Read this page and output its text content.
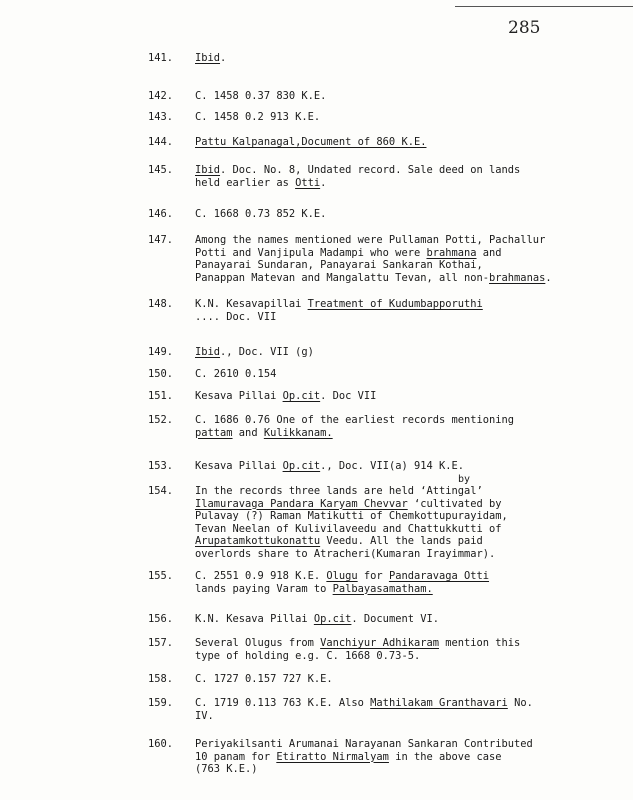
285
141.	Ibid.
142.	C. 1458 0.37 830 K.E.
143.	C. 1458 0.2 913 K.E.
144.	Pattu Kalpanagal,Document of 860 K.E.
145.	Ibid. Doc. No. 8, Undated record. Sale deed on lands
held earlier as Otti.
146.	C. 1668 0.73 852 K.E.
147.	Among the names mentioned were Pullaman Potti, Pachallur
Potti and Vanjipula Madampi who were brahmana and
Panayarai Sundaran, Panayarai Sankaran Kothai,
Panappan Matevan and Mangalattu Tevan, all non-brahmanas.
148.	K.N. Kesavapillai Treatment of Kudumbapporuthi
.... Doc. VII
149.	Ibid., Doc. VII (g)
150.	C. 2610 0.154
151.	Kesava Pillai Op.cit. Doc VII
152.	C. 1686 0.76 One of the earliest records mentioning
pattam and Kulikkanam.
153.	Kesava Pillai Op.cit., Doc. VII(a) 914 K.E.
by
154.	In the records three lands are held ‘Attingal’
Ilamuravaga Pandara Karyam Chevvar ‘cultivated by
Pulavay (?) Raman Matikutti of Chemkottupurayidam,
Tevan Neelan of Kulivilaveedu and Chattukkutti of
Arupatamkottukonattu Veedu. All the lands paid
overlords share to Atracheri(Kumaran Irayimmar).
155.	C. 2551 0.9 918 K.E. Olugu for Pandaravaga Otti
lands paying Varam to Palbayasamatham.
156.	K.N. Kesava Pillai Op.cit. Document VI.
157.	Several Olugus from Vanchiyur Adhikaram mention this
type of holding e.g. C. 1668 0.73-5.
158.	C. 1727 0.157 727 K.E.
159.	C. 1719 0.113 763 K.E. Also Mathilakam Granthavari No.
IV.
160.	Periyakilsanti Arumanai Narayanan Sankaran Contributed
10 panam for Etiratto Nirmalyam in the above case
(763 K.E.)
